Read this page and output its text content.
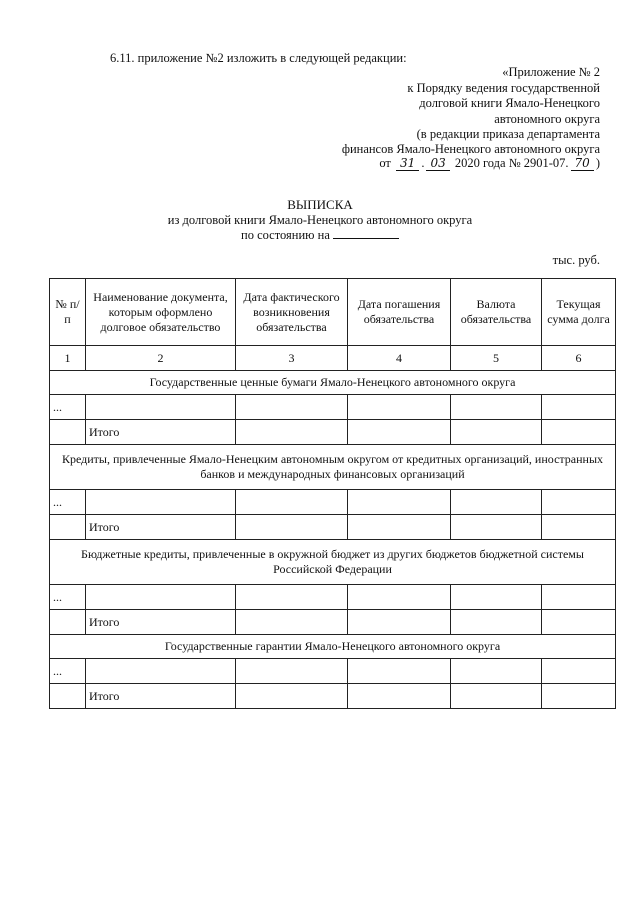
6.11. приложение №2 изложить в следующей редакции:
«Приложение № 2
к Порядку ведения государственной
долговой книги Ямало-Ненецкого
автономного округа
(в редакции приказа департамента
финансов Ямало-Ненецкого автономного округа
от 31 . 03 2020 года № 2901-07. 70 )
ВЫПИСКА
из долговой книги Ямало-Ненецкого автономного округа
по состоянию на
тыс. руб.
№ п/п	Наименование документа, которым оформлено долговое обязательство	Дата фактического возникновения обязательства	Дата погашения обязательства	Валюта обязательства	Текущая сумма долга
1	2	3	4	5	6
Государственные ценные бумаги Ямало-Ненецкого автономного округа					
...					
	Итого				
Кредиты, привлеченные Ямало-Ненецким автономным округом от кредитных организаций, иностранных банков и международных финансовых организаций					
...					
	Итого				
Бюджетные кредиты, привлеченные в окружной бюджет из других бюджетов бюджетной системы Российской Федерации					
...					
	Итого				
Государственные гарантии Ямало-Ненецкого автономного округа					
...					
	Итого				
